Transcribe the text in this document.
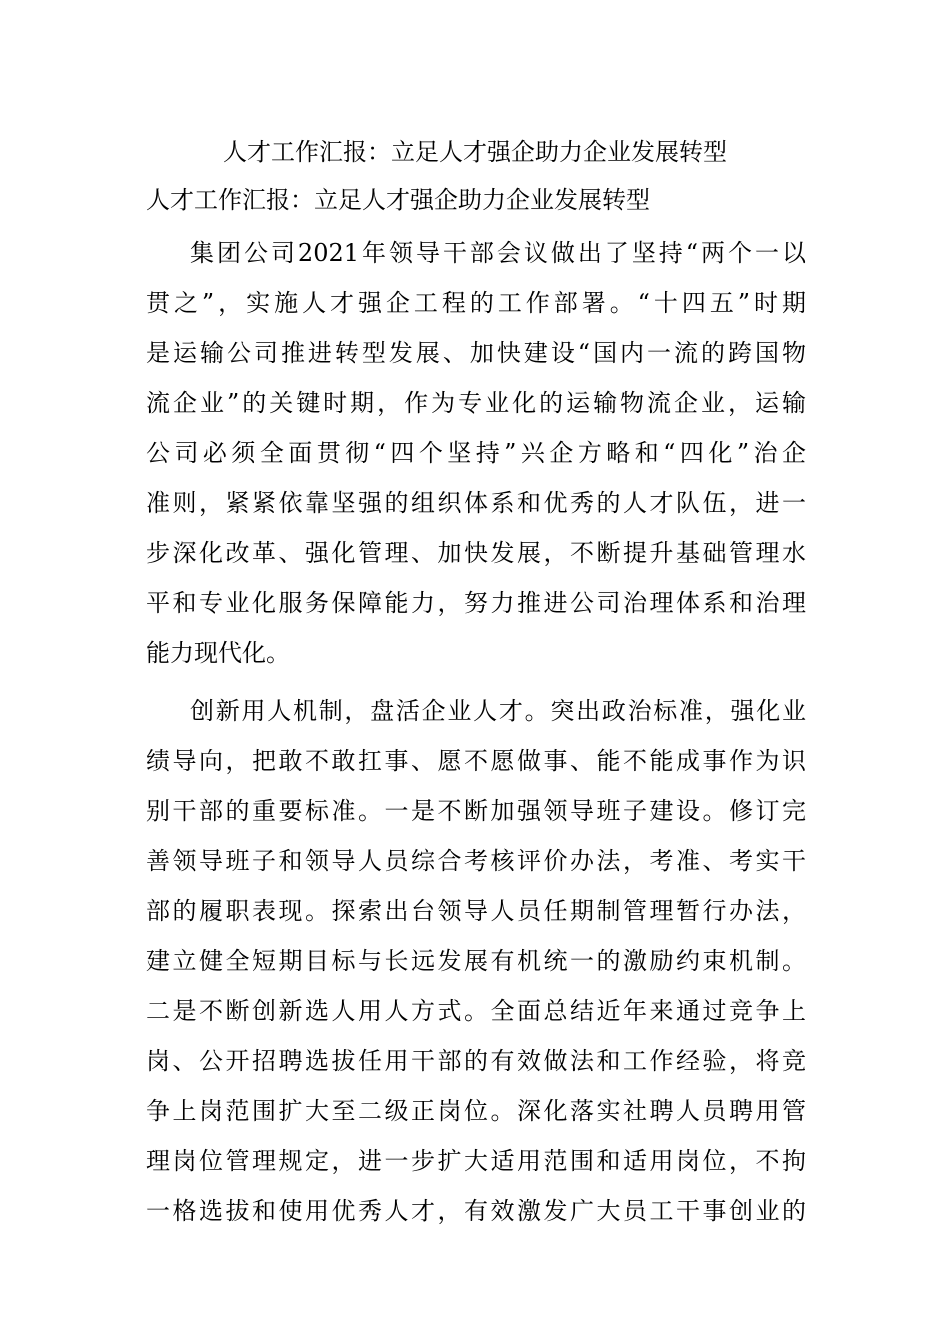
人才工作汇报：立足人才强企助力企业发展转型
人才工作汇报：立足人才强企助力企业发展转型
集团公司2021年领导干部会议做出了坚持“两个一以
贯之”，实施人才强企工程的工作部署。“十四五”时期
是运输公司推进转型发展、加快建设“国内一流的跨国物
流企业”的关键时期，作为专业化的运输物流企业，运输
公司必须全面贯彻“四个坚持”兴企方略和“四化”治企
准则，紧紧依靠坚强的组织体系和优秀的人才队伍，进一
步深化改革、强化管理、加快发展，不断提升基础管理水
平和专业化服务保障能力，努力推进公司治理体系和治理
能力现代化。
创新用人机制，盘活企业人才。突出政治标准，强化业
绩导向，把敢不敢扛事、愿不愿做事、能不能成事作为识
别干部的重要标准。一是不断加强领导班子建设。修订完
善领导班子和领导人员综合考核评价办法，考准、考实干
部的履职表现。探索出台领导人员任期制管理暂行办法，
建立健全短期目标与长远发展有机统一的激励约束机制。
二是不断创新选人用人方式。全面总结近年来通过竞争上
岗、公开招聘选拔任用干部的有效做法和工作经验，将竞
争上岗范围扩大至二级正岗位。深化落实社聘人员聘用管
理岗位管理规定，进一步扩大适用范围和适用岗位，不拘
一格选拔和使用优秀人才，有效激发广大员工干事创业的
